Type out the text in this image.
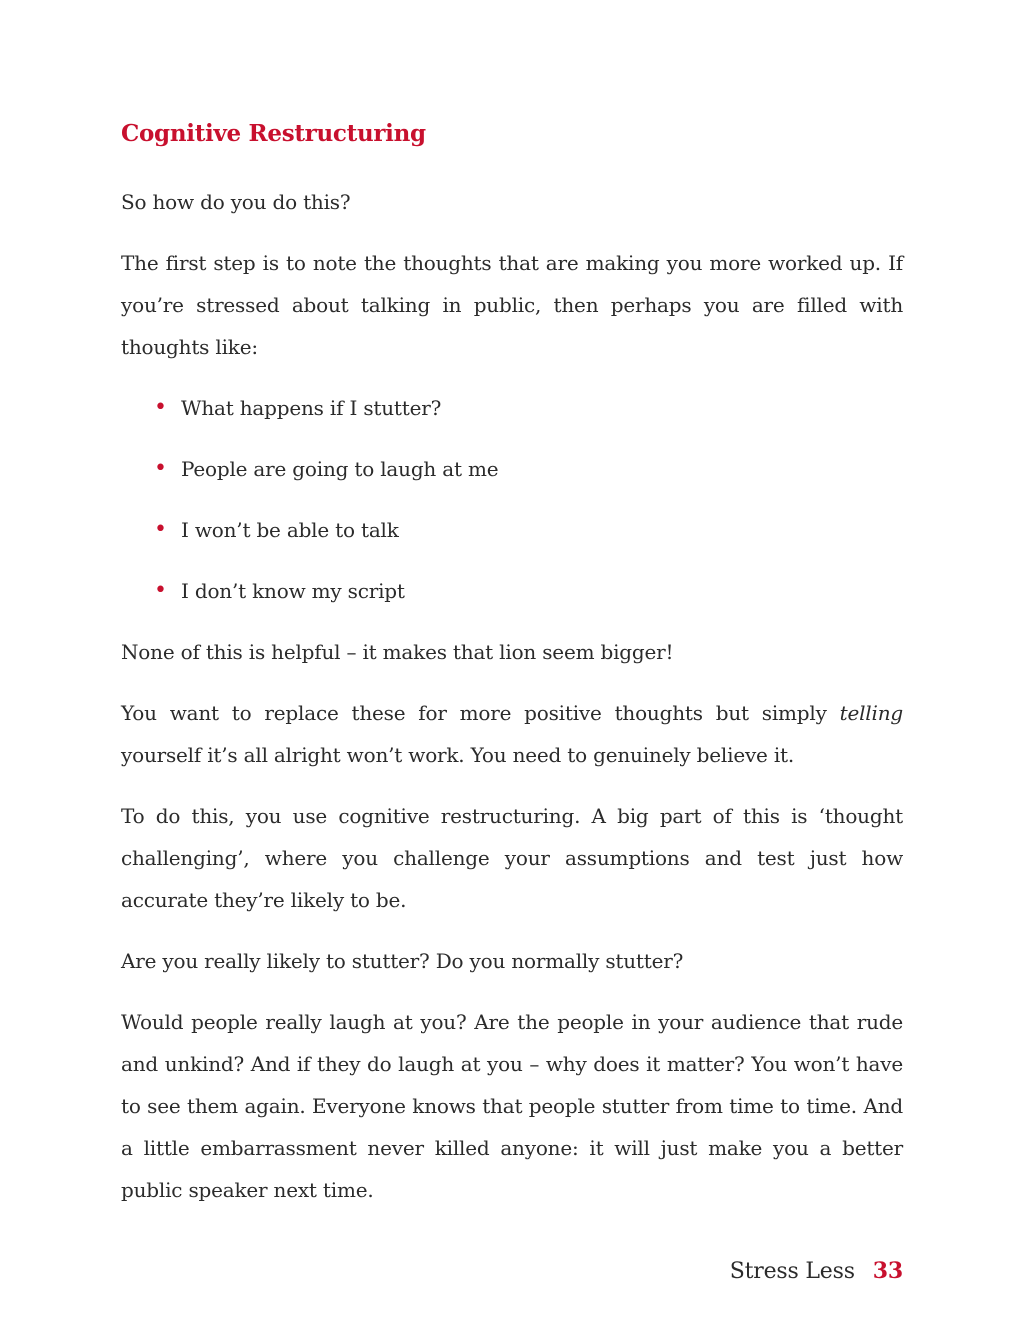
Cognitive Restructuring

So how do you do this?

The first step is to note the thoughts that are making you more worked up. If you’re stressed about talking in public, then perhaps you are filled with thoughts like:

• What happens if I stutter?
• People are going to laugh at me
• I won’t be able to talk
• I don’t know my script

None of this is helpful – it makes that lion seem bigger!

You want to replace these for more positive thoughts but simply telling yourself it’s all alright won’t work. You need to genuinely believe it.

To do this, you use cognitive restructuring. A big part of this is ‘thought challenging’, where you challenge your assumptions and test just how accurate they’re likely to be.

Are you really likely to stutter? Do you normally stutter?

Would people really laugh at you? Are the people in your audience that rude and unkind? And if they do laugh at you – why does it matter? You won’t have to see them again. Everyone knows that people stutter from time to time. And a little embarrassment never killed anyone: it will just make you a better public speaker next time.

Stress Less 33
